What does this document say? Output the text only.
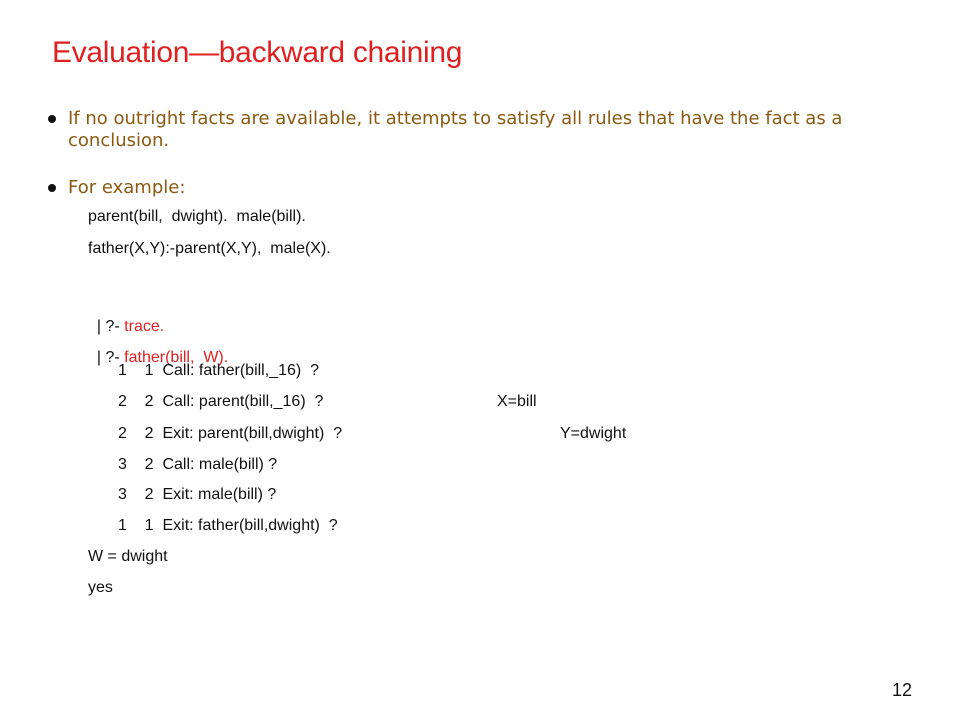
Evaluation—backward chaining
If no outright facts are available, it attempts to satisfy all rules that have the fact as a conclusion.
For example:
parent(bill,  dwight).  male(bill).
father(X,Y):-parent(X,Y),  male(X).

| ?- trace.

| ?- father(bill,  W).

1    1  Call: father(bill,_16)  ?
2    2  Call: parent(bill,_16)  ?	X=bill
2    2  Exit: parent(bill,dwight)  ?	Y=dwight
3    2  Call: male(bill) ?
3    2  Exit: male(bill) ?
1    1  Exit: father(bill,dwight)  ?
W = dwight
yes
12
